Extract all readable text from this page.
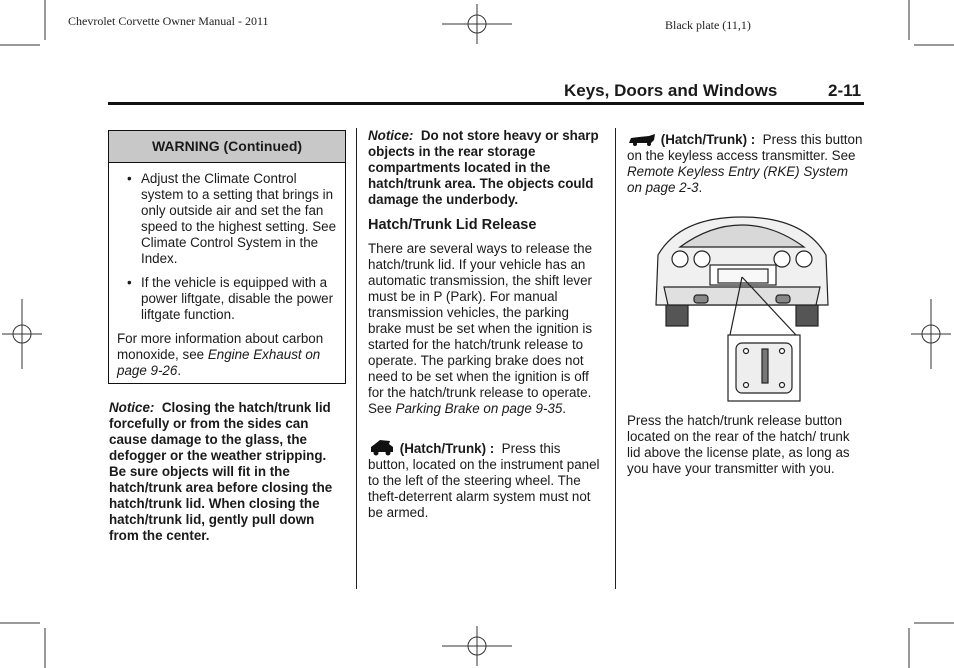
Chevrolet Corvette Owner Manual - 2011	Black plate (11,1)
Keys, Doors and Windows	2-11
WARNING (Continued)
• Adjust the Climate Control system to a setting that brings in only outside air and set the fan speed to the highest setting. See Climate Control System in the Index.
• If the vehicle is equipped with a power liftgate, disable the power liftgate function.
For more information about carbon monoxide, see Engine Exhaust on page 9-26.
Notice: Closing the hatch/trunk lid forcefully or from the sides can cause damage to the glass, the defogger or the weather stripping. Be sure objects will fit in the hatch/trunk area before closing the hatch/trunk lid. When closing the hatch/trunk lid, gently pull down from the center.
Notice: Do not store heavy or sharp objects in the rear storage compartments located in the hatch/trunk area. The objects could damage the underbody.
Hatch/Trunk Lid Release
There are several ways to release the hatch/trunk lid. If your vehicle has an automatic transmission, the shift lever must be in P (Park). For manual transmission vehicles, the parking brake must be set when the ignition is started for the hatch/trunk release to operate. The parking brake does not need to be set when the ignition is off for the hatch/trunk release to operate. See Parking Brake on page 9-35.
(Hatch/Trunk) : Press this button, located on the instrument panel to the left of the steering wheel. The theft-deterrent alarm system must not be armed.
(Hatch/Trunk) : Press this button on the keyless access transmitter. See Remote Keyless Entry (RKE) System on page 2-3.
Press the hatch/trunk release button located on the rear of the hatch/ trunk lid above the license plate, as long as you have your transmitter with you.
